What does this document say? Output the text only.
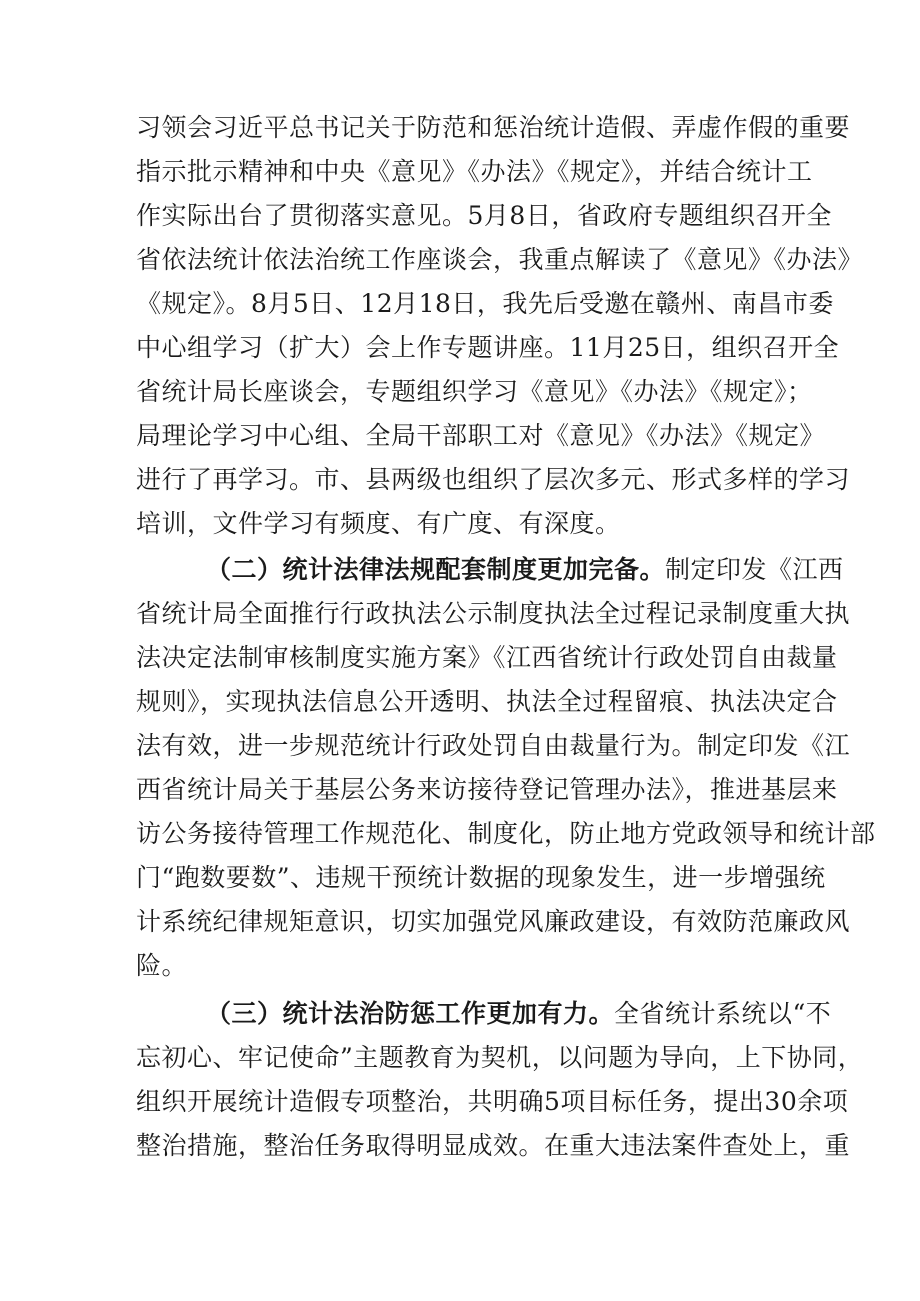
习领会习近平总书记关于防范和惩治统计造假、弄虚作假的重要
指示批示精神和中央《意见》《办法》《规定》，并结合统计工
作实际出台了贯彻落实意见。5月8日，省政府专题组织召开全
省依法统计依法治统工作座谈会，我重点解读了《意见》《办法》
《规定》。8月5日、12月18日，我先后受邀在赣州、南昌市委
中心组学习（扩大）会上作专题讲座。11月25日，组织召开全
省统计局长座谈会，专题组织学习《意见》《办法》《规定》；
局理论学习中心组、全局干部职工对《意见》《办法》《规定》
进行了再学习。市、县两级也组织了层次多元、形式多样的学习
培训，文件学习有频度、有广度、有深度。
（二）统计法律法规配套制度更加完备。制定印发《江西
省统计局全面推行行政执法公示制度执法全过程记录制度重大执
法决定法制审核制度实施方案》《江西省统计行政处罚自由裁量
规则》，实现执法信息公开透明、执法全过程留痕、执法决定合
法有效，进一步规范统计行政处罚自由裁量行为。制定印发《江
西省统计局关于基层公务来访接待登记管理办法》，推进基层来
访公务接待管理工作规范化、制度化，防止地方党政领导和统计部
门“跑数要数”、违规干预统计数据的现象发生，进一步增强统
计系统纪律规矩意识，切实加强党风廉政建设，有效防范廉政风
险。
（三）统计法治防惩工作更加有力。全省统计系统以“不
忘初心、牢记使命”主题教育为契机，以问题为导向，上下协同，
组织开展统计造假专项整治，共明确5项目标任务，提出30余项
整治措施，整治任务取得明显成效。在重大违法案件查处上，重
